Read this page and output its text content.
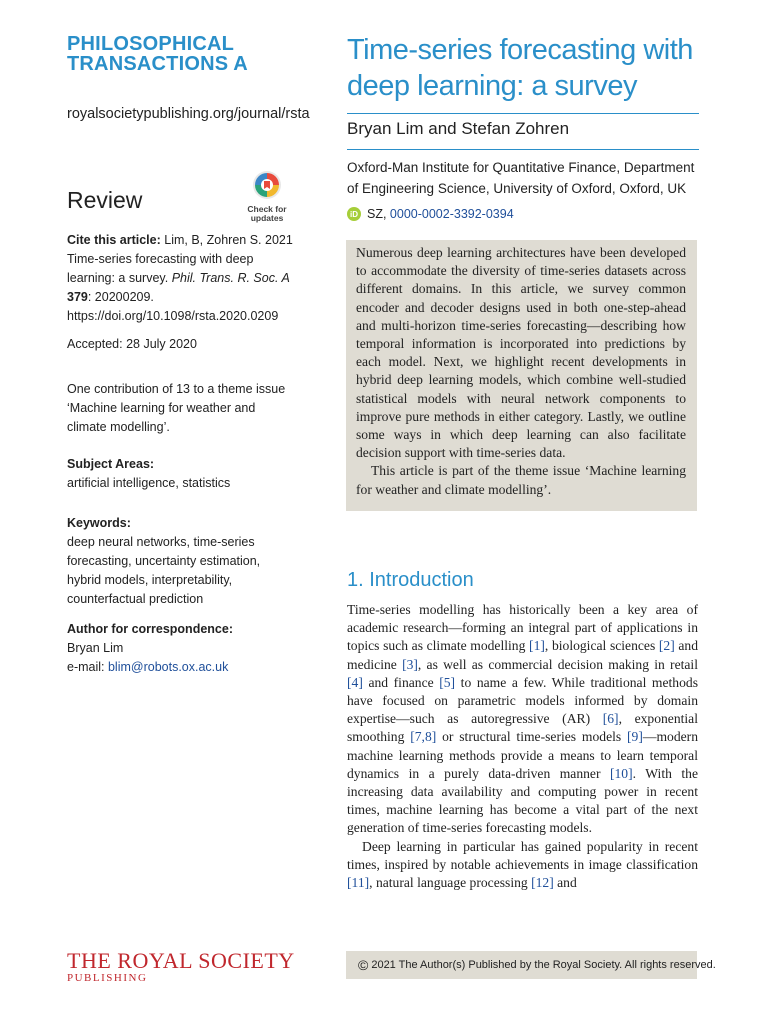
PHILOSOPHICAL
TRANSACTIONS A
royalsocietypublishing.org/journal/rsta
Review	Check for
updates
Cite this article: Lim, B, Zohren S. 2021 Time-series forecasting with deep learning: a survey. Phil. Trans. R. Soc. A 379: 20200209. https://doi.org/10.1098/rsta.2020.0209
Accepted: 28 July 2020
One contribution of 13 to a theme issue ‘Machine learning for weather and climate modelling’.
Subject Areas:
artificial intelligence, statistics
Keywords:
deep neural networks, time-series forecasting, uncertainty estimation, hybrid models, interpretability, counterfactual prediction
Author for correspondence:
Bryan Lim
e-mail: blim@robots.ox.ac.uk
THE ROYAL SOCIETY
PUBLISHING
Time-series forecasting with deep learning: a survey
Bryan Lim and Stefan Zohren
Oxford-Man Institute for Quantitative Finance, Department of Engineering Science, University of Oxford, Oxford, UK
iD SZ, 0000-0002-3392-0394

Numerous deep learning architectures have been developed to accommodate the diversity of time-series datasets across different domains. In this article, we survey common encoder and decoder designs used in both one-step-ahead and multi-horizon time-series forecasting—describing how temporal information is incorporated into predictions by each model. Next, we highlight recent developments in hybrid deep learning models, which combine well-studied statistical models with neural network components to improve pure methods in either category. Lastly, we outline some ways in which deep learning can also facilitate decision support with time-series data.

This article is part of the theme issue ‘Machine learning for weather and climate modelling’.

1. Introduction

Time-series modelling has historically been a key area of academic research—forming an integral part of applications in topics such as climate modelling [1], biological sciences [2] and medicine [3], as well as commercial decision making in retail [4] and finance [5] to name a few. While traditional methods have focused on parametric models informed by domain expertise—such as autoregressive (AR) [6], exponential smoothing [7,8] or structural time-series models [9]—modern machine learning methods provide a means to learn temporal dynamics in a purely data-driven manner [10]. With the increasing data availability and computing power in recent times, machine learning has become a vital part of the next generation of time-series forecasting models.

Deep learning in particular has gained popularity in recent times, inspired by notable achievements in image classification [11], natural language processing [12] and

© 2021 The Author(s) Published by the Royal Society. All rights reserved.
